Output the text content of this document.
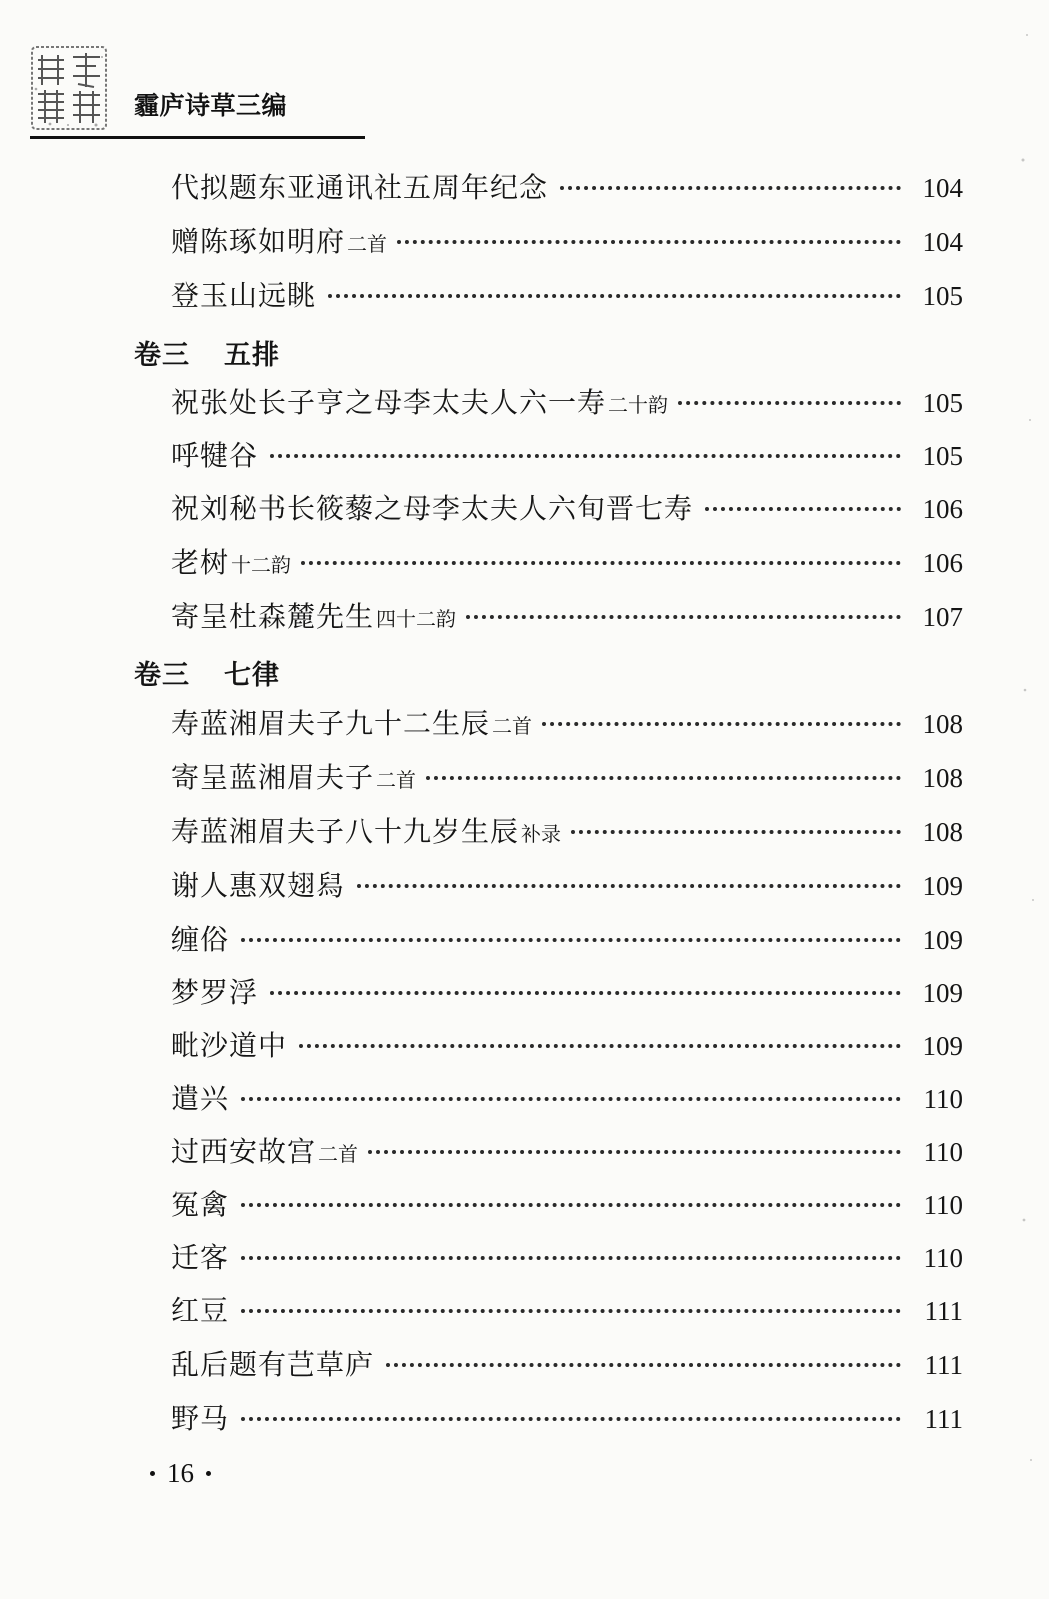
霾庐诗草三编
代拟题东亚通讯社五周年纪念	104
赠陈琢如明府 二首	104
登玉山远眺	105
卷三 五排
祝张处长子亨之母李太夫人六一寿 二十韵	105
呼犍谷	105
祝刘秘书长筱藜之母李太夫人六旬晋七寿	106
老树 十二韵	106
寄呈杜森麓先生 四十二韵	107
卷三 七律
寿蓝湘眉夫子九十二生辰 二首	108
寄呈蓝湘眉夫子 二首	108
寿蓝湘眉夫子八十九岁生辰 补录	108
谢人惠双翅舄	109
缠俗	109
梦罗浮	109
毗沙道中	109
遣兴	110
过西安故宫 二首	110
冤禽	110
迁客	110
红豆	111
乱后题有芑草庐	111
野马	111
16
